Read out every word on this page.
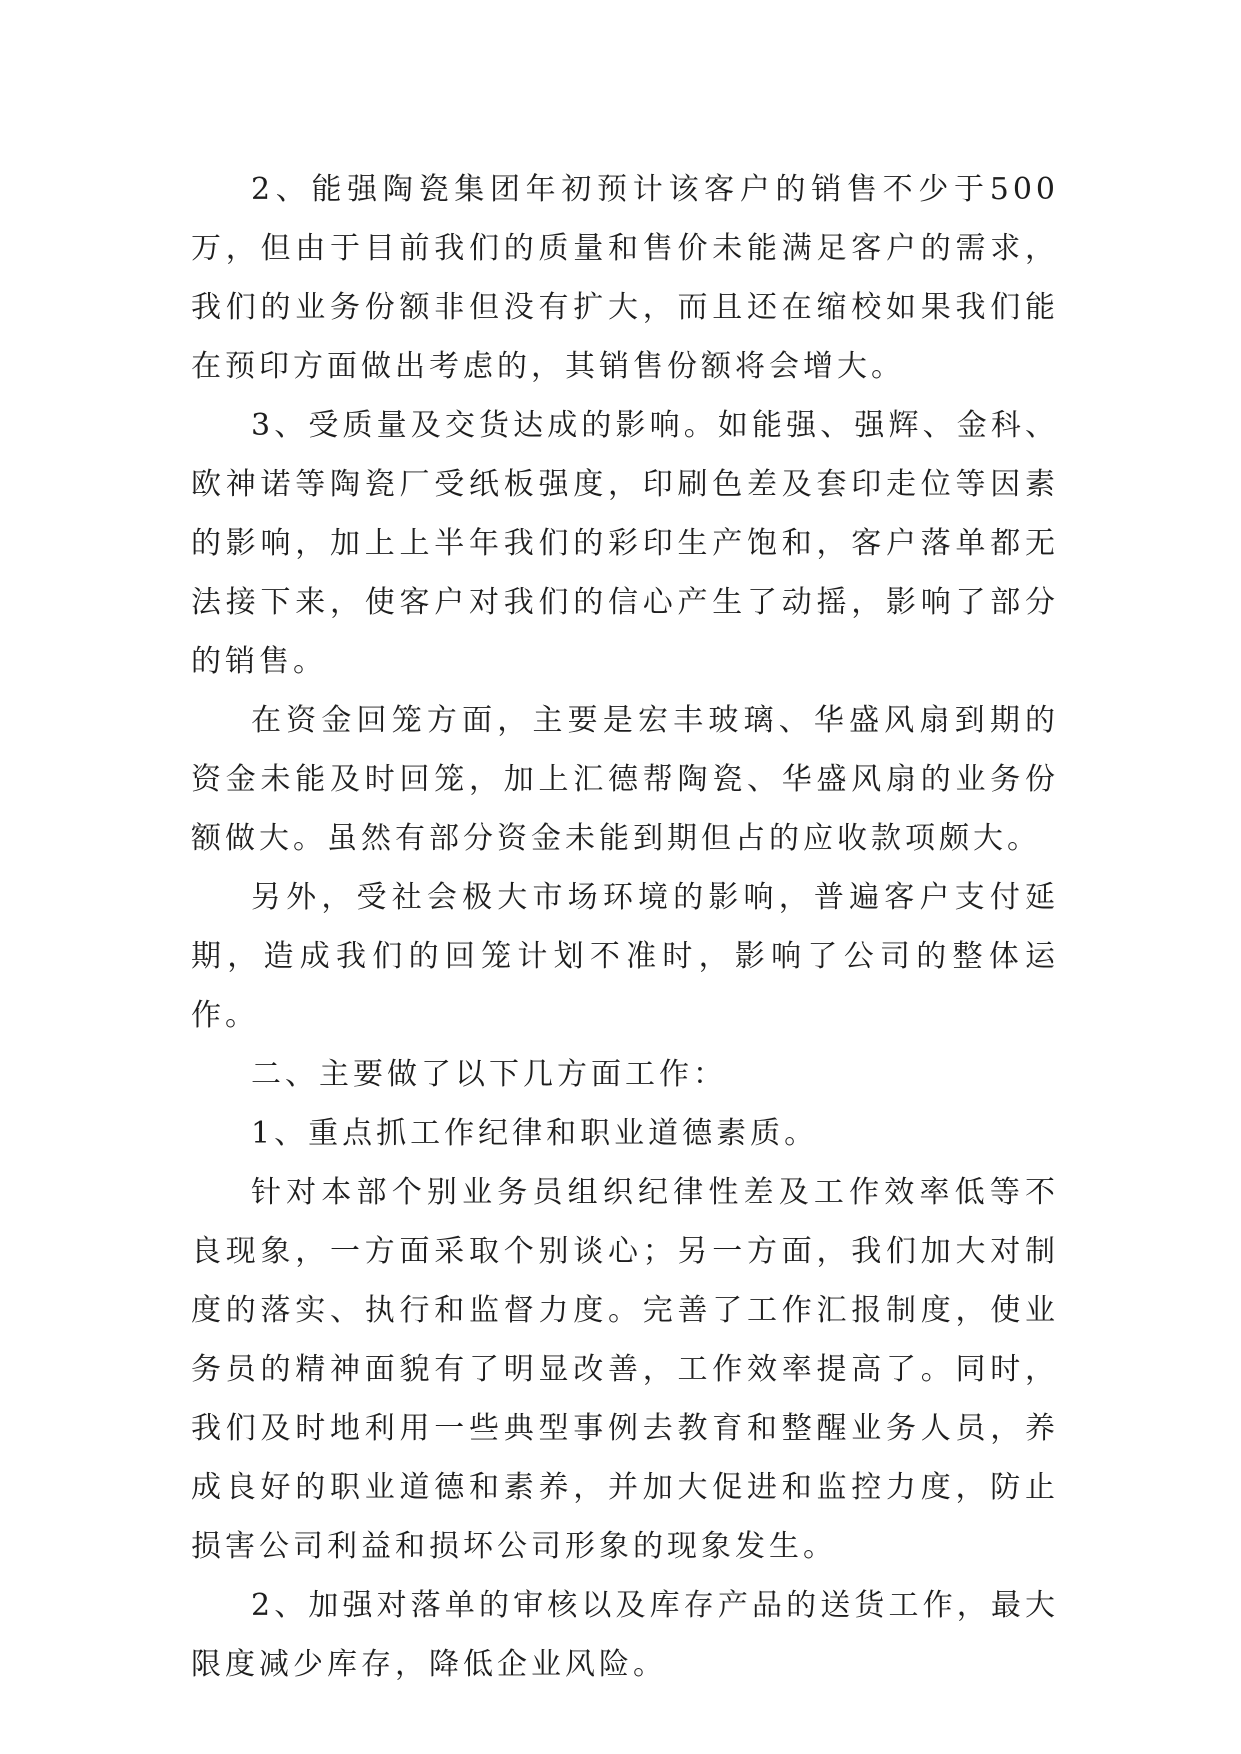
2、能强陶瓷集团年初预计该客户的销售不少于500万，但由于目前我们的质量和售价未能满足客户的需求，我们的业务份额非但没有扩大，而且还在缩校如果我们能在预印方面做出考虑的，其销售份额将会增大。

3、受质量及交货达成的影响。如能强、强辉、金科、欧神诺等陶瓷厂受纸板强度，印刷色差及套印走位等因素的影响，加上上半年我们的彩印生产饱和，客户落单都无法接下来，使客户对我们的信心产生了动摇，影响了部分的销售。

在资金回笼方面，主要是宏丰玻璃、华盛风扇到期的资金未能及时回笼，加上汇德帮陶瓷、华盛风扇的业务份额做大。虽然有部分资金未能到期但占的应收款项颇大。

另外，受社会极大市场环境的影响，普遍客户支付延期，造成我们的回笼计划不准时，影响了公司的整体运作。

二、主要做了以下几方面工作：

1、重点抓工作纪律和职业道德素质。

针对本部个别业务员组织纪律性差及工作效率低等不良现象，一方面采取个别谈心；另一方面，我们加大对制度的落实、执行和监督力度。完善了工作汇报制度，使业务员的精神面貌有了明显改善，工作效率提高了。同时，我们及时地利用一些典型事例去教育和整醒业务人员，养成良好的职业道德和素养，并加大促进和监控力度，防止损害公司利益和损坏公司形象的现象发生。

2、加强对落单的审核以及库存产品的送货工作，最大限度减少库存，降低企业风险。
